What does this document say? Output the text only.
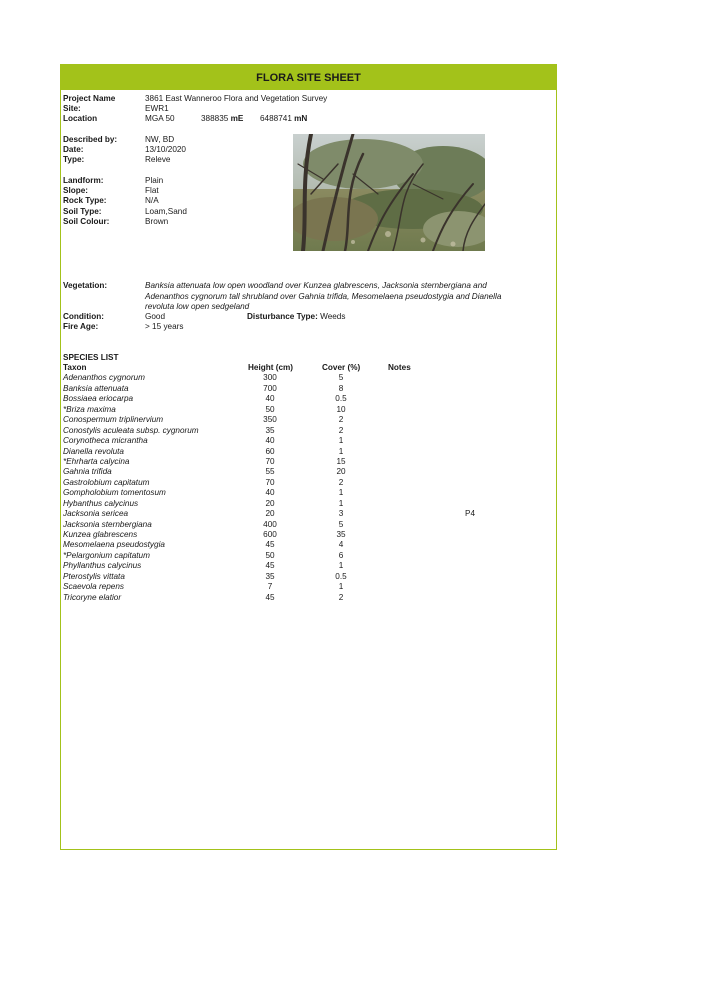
FLORA SITE SHEET
Project Name	3861 East Wanneroo Flora and Vegetation Survey
Site:	EWR1
Location	MGA 50	388835 mE 6488741 mN
Described by:	NW, BD
Date:	13/10/2020
Type:	Releve
Landform:	Plain
Slope:	Flat
Rock Type:	N/A
Soil Type:	Loam,Sand
Soil Colour:	Brown
Vegetation:	Banksia attenuata low open woodland over Kunzea glabrescens, Jacksonia sternbergiana and Adenanthos cygnorum tall shrubland over Gahnia trifida, Mesomelaena pseudostygia and Dianella revoluta low open sedgeland
Condition:	Good	Disturbance Type: Weeds
Fire Age:	> 15 years
SPECIES LIST
Taxon	Height (cm)	Cover (%)	Notes
Adenanthos cygnorum	300	5
Banksia attenuata	700	8
Bossiaea eriocarpa	40	0.5
*Briza maxima	50	10
Conospermum triplinervium	350	2
Conostylis aculeata subsp. cygnorum	35	2
Corynotheca micrantha	40	1
Dianella revoluta	60	1
*Ehrharta calycina	70	15
Gahnia trifida	55	20
Gastrolobium capitatum	70	2
Gompholobium tomentosum	40	1
Hybanthus calycinus	20	1
Jacksonia sericea	20	3	P4
Jacksonia sternbergiana	400	5
Kunzea glabrescens	600	35
Mesomelaena pseudostygia	45	4
*Pelargonium capitatum	50	6
Phyllanthus calycinus	45	1
Pterostylis vittata	35	0.5
Scaevola repens	7	1
Tricoryne elatior	45	2
